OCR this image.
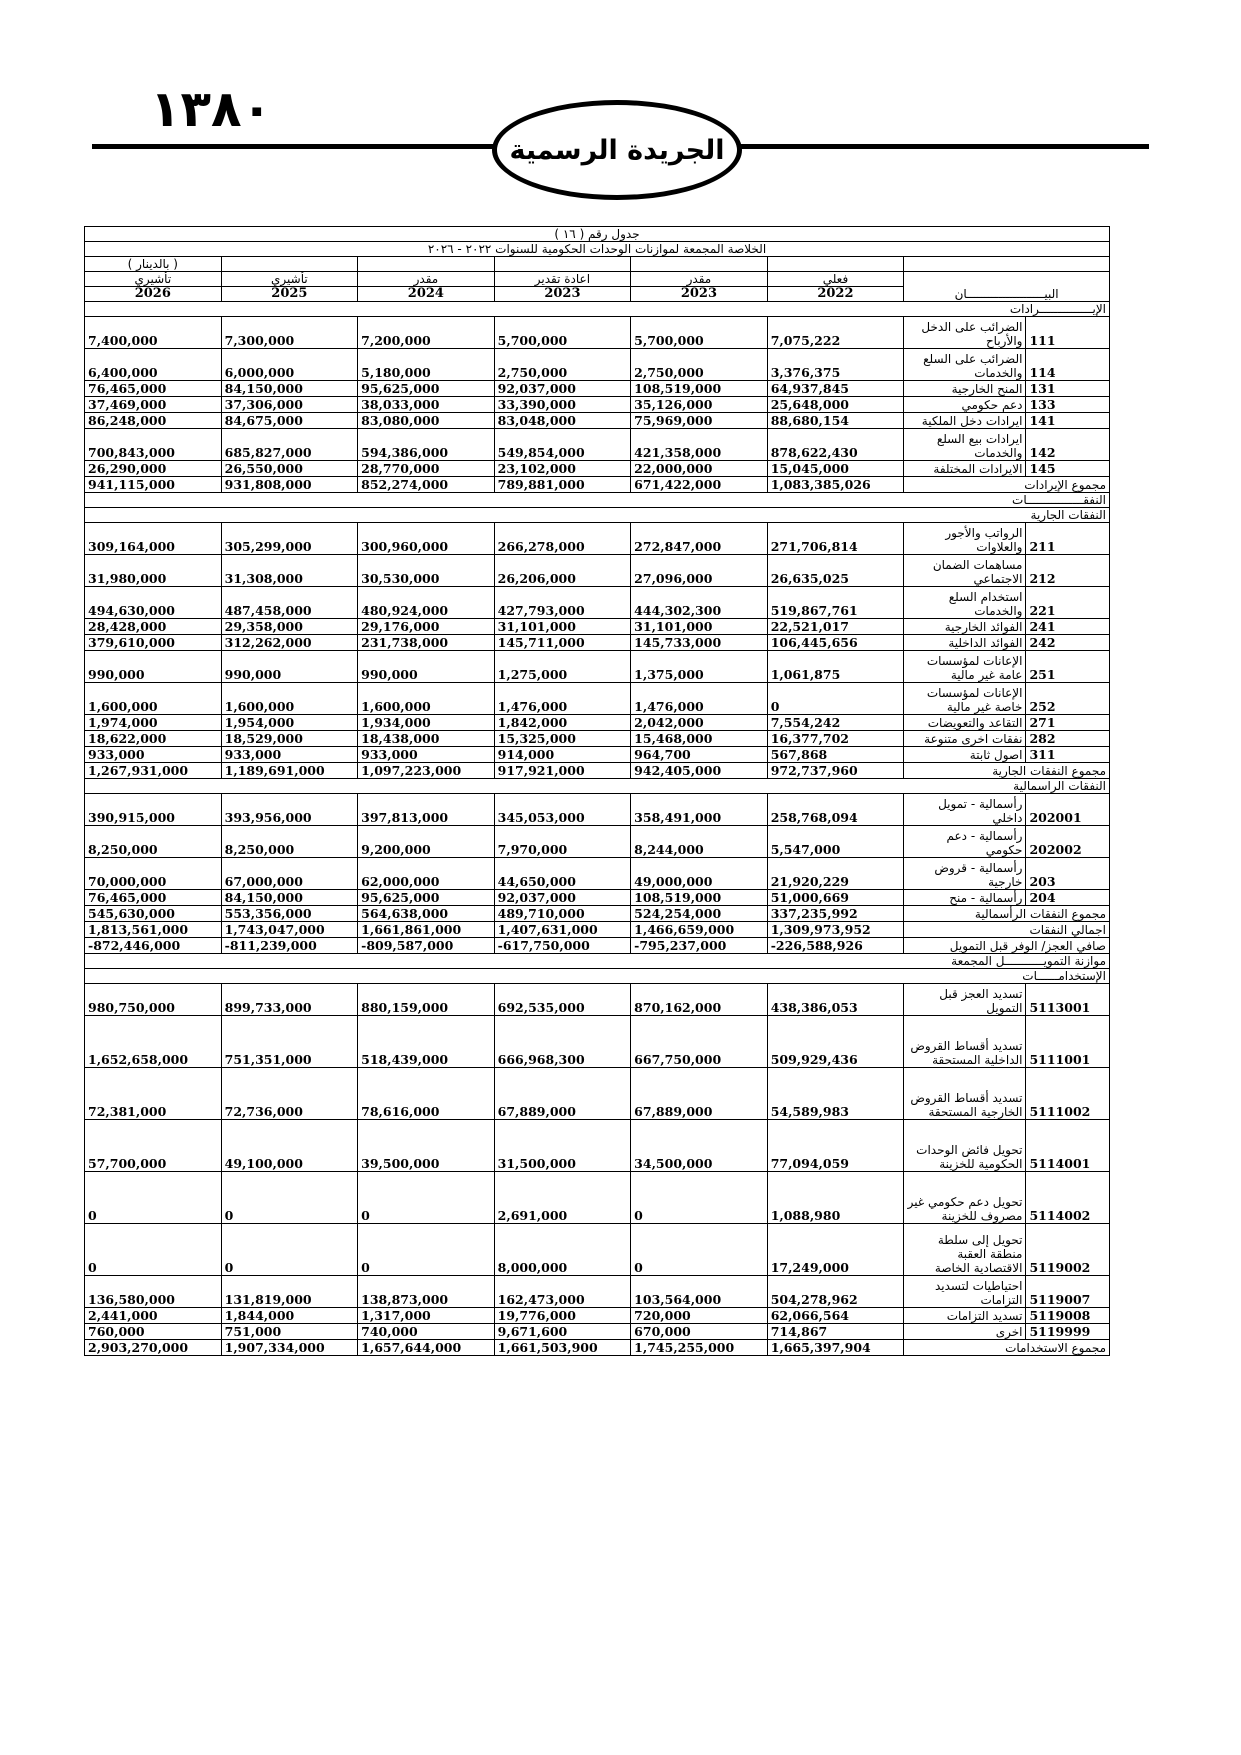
١٣٨٠
الجريدة الرسمية
جدول رقم ( ١٦ )							
الخلاصة المجمعة لموازنات الوحدات الحكومية للسنوات ٢٠٢٢ - ٢٠٢٦							
							( بالدينار )
البيــــــــــــــــــــــان		فعلي	مقدر	اعادة تقدير	مقدر	تأشيري	تأشيري
		2022	2023	2023	2024	2025	2026
الإيـــــــــــــــرادات							
111	الضرائب على الدخل والأرباح	7,075,222	5,700,000	5,700,000	7,200,000	7,300,000	7,400,000
114	الضرائب على السلع والخدمات	3,376,375	2,750,000	2,750,000	5,180,000	6,000,000	6,400,000
131	المنح الخارجية	64,937,845	108,519,000	92,037,000	95,625,000	84,150,000	76,465,000
133	دعم حكومي	25,648,000	35,126,000	33,390,000	38,033,000	37,306,000	37,469,000
141	ايرادات دخل الملكية	88,680,154	75,969,000	83,048,000	83,080,000	84,675,000	86,248,000
142	ايرادات بيع السلع والخدمات	878,622,430	421,358,000	549,854,000	594,386,000	685,827,000	700,843,000
145	الايرادات المختلفة	15,045,000	22,000,000	23,102,000	28,770,000	26,550,000	26,290,000
مجموع الإيرادات		1,083,385,026	671,422,000	789,881,000	852,274,000	931,808,000	941,115,000
النفقــــــــــــــــات							
النفقات الجارية							
211	الرواتب والأجور والعلاوات	271,706,814	272,847,000	266,278,000	300,960,000	305,299,000	309,164,000
212	مساهمات الضمان الاجتماعي	26,635,025	27,096,000	26,206,000	30,530,000	31,308,000	31,980,000
221	استخدام السلع والخدمات	519,867,761	444,302,300	427,793,000	480,924,000	487,458,000	494,630,000
241	الفوائد الخارجية	22,521,017	31,101,000	31,101,000	29,176,000	29,358,000	28,428,000
242	الفوائد الداخلية	106,445,656	145,733,000	145,711,000	231,738,000	312,262,000	379,610,000
251	الإعانات لمؤسسات عامة غير مالية	1,061,875	1,375,000	1,275,000	990,000	990,000	990,000
252	الإعانات لمؤسسات خاصة غير مالية	0	1,476,000	1,476,000	1,600,000	1,600,000	1,600,000
271	التقاعد والتعويضات	7,554,242	2,042,000	1,842,000	1,934,000	1,954,000	1,974,000
282	نفقات اخرى متنوعة	16,377,702	15,468,000	15,325,000	18,438,000	18,529,000	18,622,000
311	اصول ثابتة	567,868	964,700	914,000	933,000	933,000	933,000
مجموع النفقات الجارية		972,737,960	942,405,000	917,921,000	1,097,223,000	1,189,691,000	1,267,931,000
النفقات الراسمالية							
202001	رأسمالية - تمويل داخلي	258,768,094	358,491,000	345,053,000	397,813,000	393,956,000	390,915,000
202002	رأسمالية - دعم حكومي	5,547,000	8,244,000	7,970,000	9,200,000	8,250,000	8,250,000
203	رأسمالية - قروض خارجية	21,920,229	49,000,000	44,650,000	62,000,000	67,000,000	70,000,000
204	رأسمالية - منح	51,000,669	108,519,000	92,037,000	95,625,000	84,150,000	76,465,000
مجموع النفقات الرأسمالية		337,235,992	524,254,000	489,710,000	564,638,000	553,356,000	545,630,000
اجمالي النفقات		1,309,973,952	1,466,659,000	1,407,631,000	1,661,861,000	1,743,047,000	1,813,561,000
صافي العجز/ الوفر قبل التمويل		-226,588,926	-795,237,000	-617,750,000	-809,587,000	-811,239,000	-872,446,000
موازنة التمويـــــــــــل المجمعة							
الإستخدامــــــات							
5113001	تسديد العجز قبل التمويل	438,386,053	870,162,000	692,535,000	880,159,000	899,733,000	980,750,000
5111001	تسديد أقساط القروض الداخلية المستحقة	509,929,436	667,750,000	666,968,300	518,439,000	751,351,000	1,652,658,000
5111002	تسديد أقساط القروض الخارجية المستحقة	54,589,983	67,889,000	67,889,000	78,616,000	72,736,000	72,381,000
5114001	تحويل فائض الوحدات الحكومية للخزينة	77,094,059	34,500,000	31,500,000	39,500,000	49,100,000	57,700,000
5114002	تحويل دعم حكومي غير مصروف للخزينة	1,088,980	0	2,691,000	0	0	0
5119002	تحويل إلى سلطة منطقة العقبة الاقتصادية الخاصة	17,249,000	0	8,000,000	0	0	0
5119007	احتياطيات لتسديد التزامات	504,278,962	103,564,000	162,473,000	138,873,000	131,819,000	136,580,000
5119008	تسديد التزامات	62,066,564	720,000	19,776,000	1,317,000	1,844,000	2,441,000
5119999	اخرى	714,867	670,000	9,671,600	740,000	751,000	760,000
مجموع الاستخدامات		1,665,397,904	1,745,255,000	1,661,503,900	1,657,644,000	1,907,334,000	2,903,270,000
